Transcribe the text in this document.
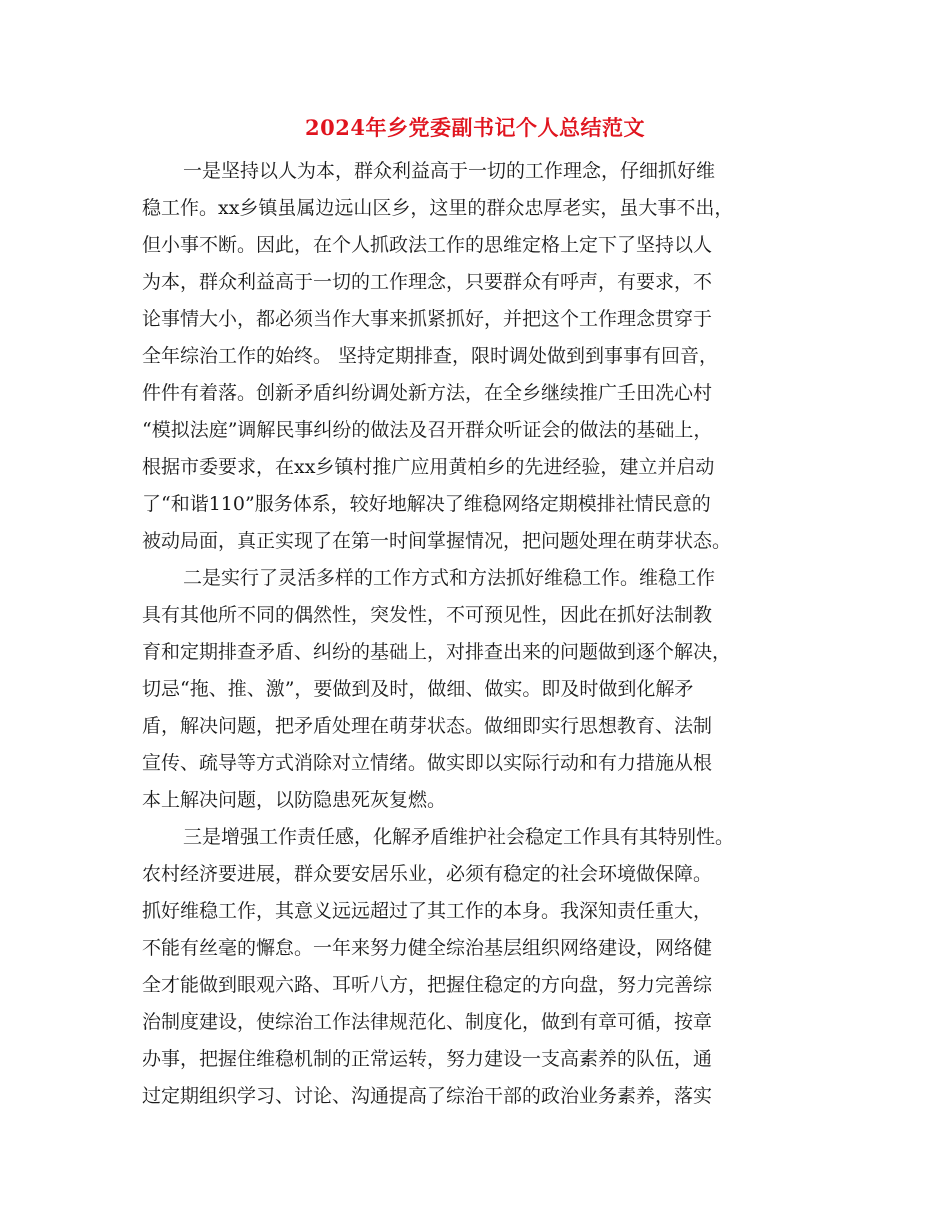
2024年乡党委副书记个人总结范文
一是坚持以人为本，群众利益高于一切的工作理念，仔细抓好维
稳工作。xx乡镇虽属边远山区乡，这里的群众忠厚老实，虽大事不出，
但小事不断。因此，在个人抓政法工作的思维定格上定下了坚持以人
为本，群众利益高于一切的工作理念，只要群众有呼声，有要求，不
论事情大小，都必须当作大事来抓紧抓好，并把这个工作理念贯穿于
全年综治工作的始终。 坚持定期排查，限时调处做到到事事有回音，
件件有着落。创新矛盾纠纷调处新方法，在全乡继续推广壬田冼心村
“模拟法庭”调解民事纠纷的做法及召开群众听证会的做法的基础上，
根据市委要求，在xx乡镇村推广应用黄柏乡的先进经验，建立并启动
了“和谐110”服务体系，较好地解决了维稳网络定期模排社情民意的
被动局面，真正实现了在第一时间掌握情况，把问题处理在萌芽状态。
二是实行了灵活多样的工作方式和方法抓好维稳工作。维稳工作
具有其他所不同的偶然性，突发性，不可预见性，因此在抓好法制教
育和定期排查矛盾、纠纷的基础上，对排查出来的问题做到逐个解决，
切忌“拖、推、激”，要做到及时，做细、做实。即及时做到化解矛
盾，解决问题，把矛盾处理在萌芽状态。做细即实行思想教育、法制
宣传、疏导等方式消除对立情绪。做实即以实际行动和有力措施从根
本上解决问题，以防隐患死灰复燃。
三是增强工作责任感，化解矛盾维护社会稳定工作具有其特别性。
农村经济要进展，群众要安居乐业，必须有稳定的社会环境做保障。
抓好维稳工作，其意义远远超过了其工作的本身。我深知责任重大，
不能有丝毫的懈怠。一年来努力健全综治基层组织网络建设，网络健
全才能做到眼观六路、耳听八方，把握住稳定的方向盘，努力完善综
治制度建设，使综治工作法律规范化、制度化，做到有章可循，按章
办事，把握住维稳机制的正常运转，努力建设一支高素养的队伍，通
过定期组织学习、讨论、沟通提高了综治干部的政治业务素养，落实
